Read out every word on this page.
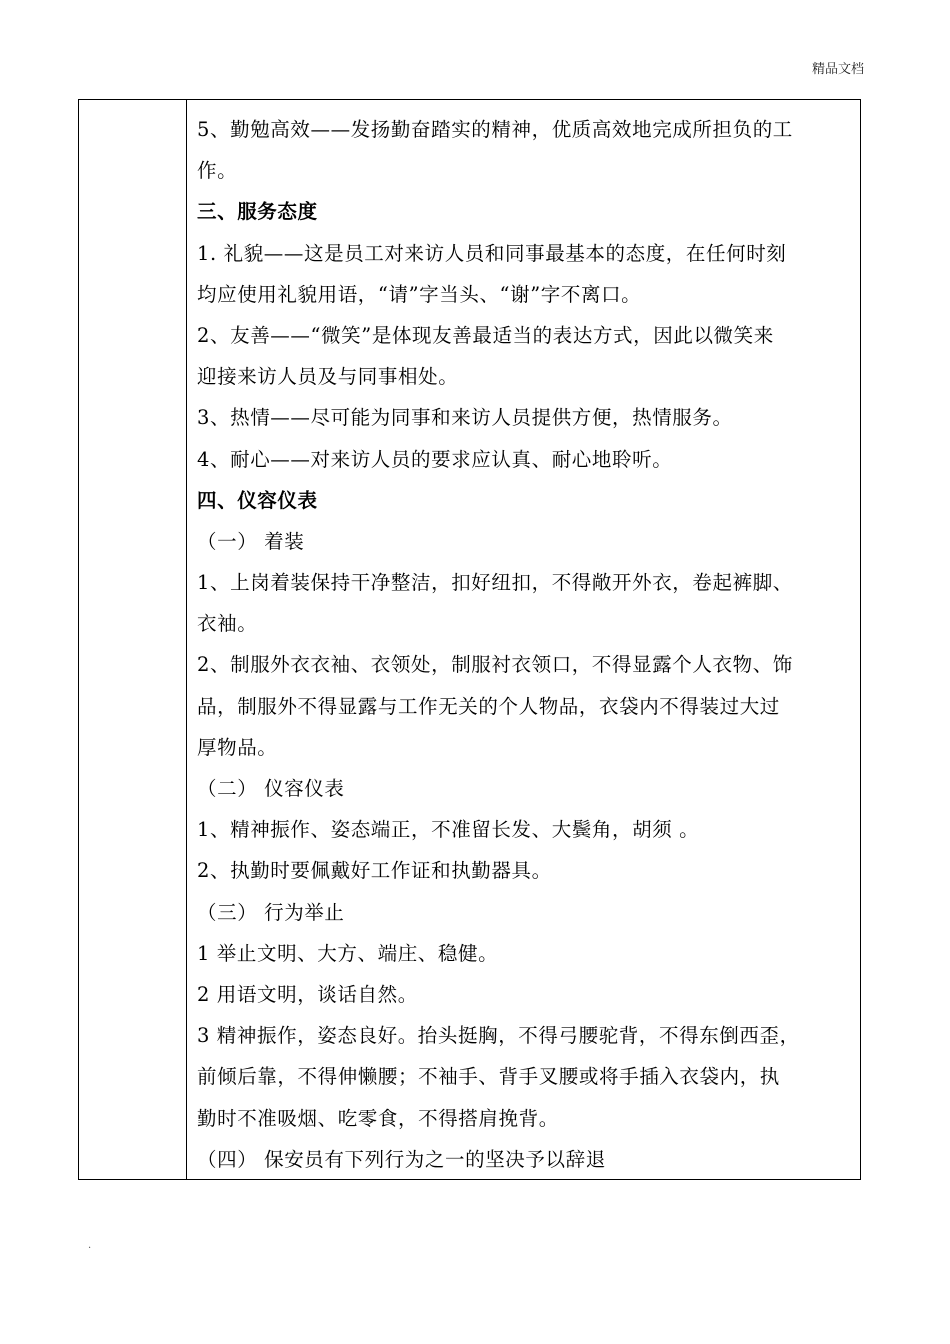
精品文档
5、勤勉高效——发扬勤奋踏实的精神，优质高效地完成所担负的工
作。
三、服务态度
1. 礼貌——这是员工对来访人员和同事最基本的态度，在任何时刻
均应使用礼貌用语，“请”字当头、“谢”字不离口。
2、友善——“微笑”是体现友善最适当的表达方式，因此以微笑来
迎接来访人员及与同事相处。
3、热情——尽可能为同事和来访人员提供方便，热情服务。
4、耐心——对来访人员的要求应认真、耐心地聆听。
四、仪容仪表
（一） 着装
1、上岗着装保持干净整洁，扣好纽扣，不得敞开外衣，卷起裤脚、
衣袖。
2、制服外衣衣袖、衣领处，制服衬衣领口，不得显露个人衣物、饰
品，制服外不得显露与工作无关的个人物品，衣袋内不得装过大过
厚物品。
（二） 仪容仪表
1、精神振作、姿态端正，不准留长发、大鬓角，胡须 。
2、执勤时要佩戴好工作证和执勤器具。
（三） 行为举止
1 举止文明、大方、端庄、稳健。
2 用语文明，谈话自然。
3 精神振作，姿态良好。抬头挺胸，不得弓腰驼背，不得东倒西歪，
前倾后靠，不得伸懒腰；不袖手、背手叉腰或将手插入衣袋内，执
勤时不准吸烟、吃零食，不得搭肩挽背。
（四） 保安员有下列行为之一的坚决予以辞退
.
